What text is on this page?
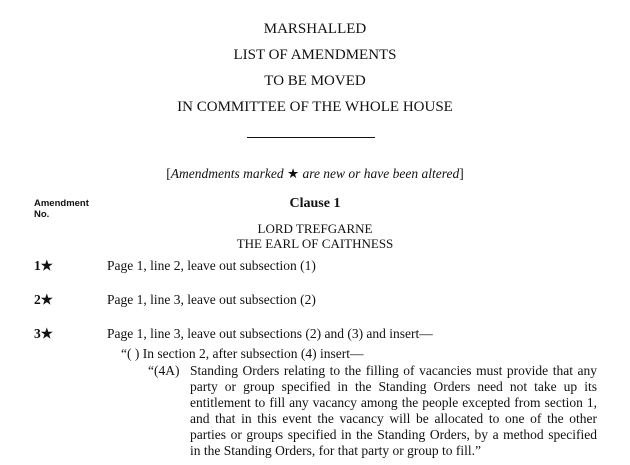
MARSHALLED
LIST OF AMENDMENTS
TO BE MOVED
IN COMMITTEE OF THE WHOLE HOUSE
[Amendments marked ★ are new or have been altered]
Amendment
No.
Clause 1
LORD TREFGARNE
THE EARL OF CAITHNESS
1★	Page 1, line 2, leave out subsection (1)
2★	Page 1, line 3, leave out subsection (2)
3★	Page 1, line 3, leave out subsections (2) and (3) and insert—
“( ) In section 2, after subsection (4) insert—
“(4A) Standing Orders relating to the filling of vacancies must provide that any party or group specified in the Standing Orders need not take up its entitlement to fill any vacancy among the people excepted from section 1, and that in this event the vacancy will be allocated to one of the other parties or groups specified in the Standing Orders, by a method specified in the Standing Orders, for that party or group to fill.”
